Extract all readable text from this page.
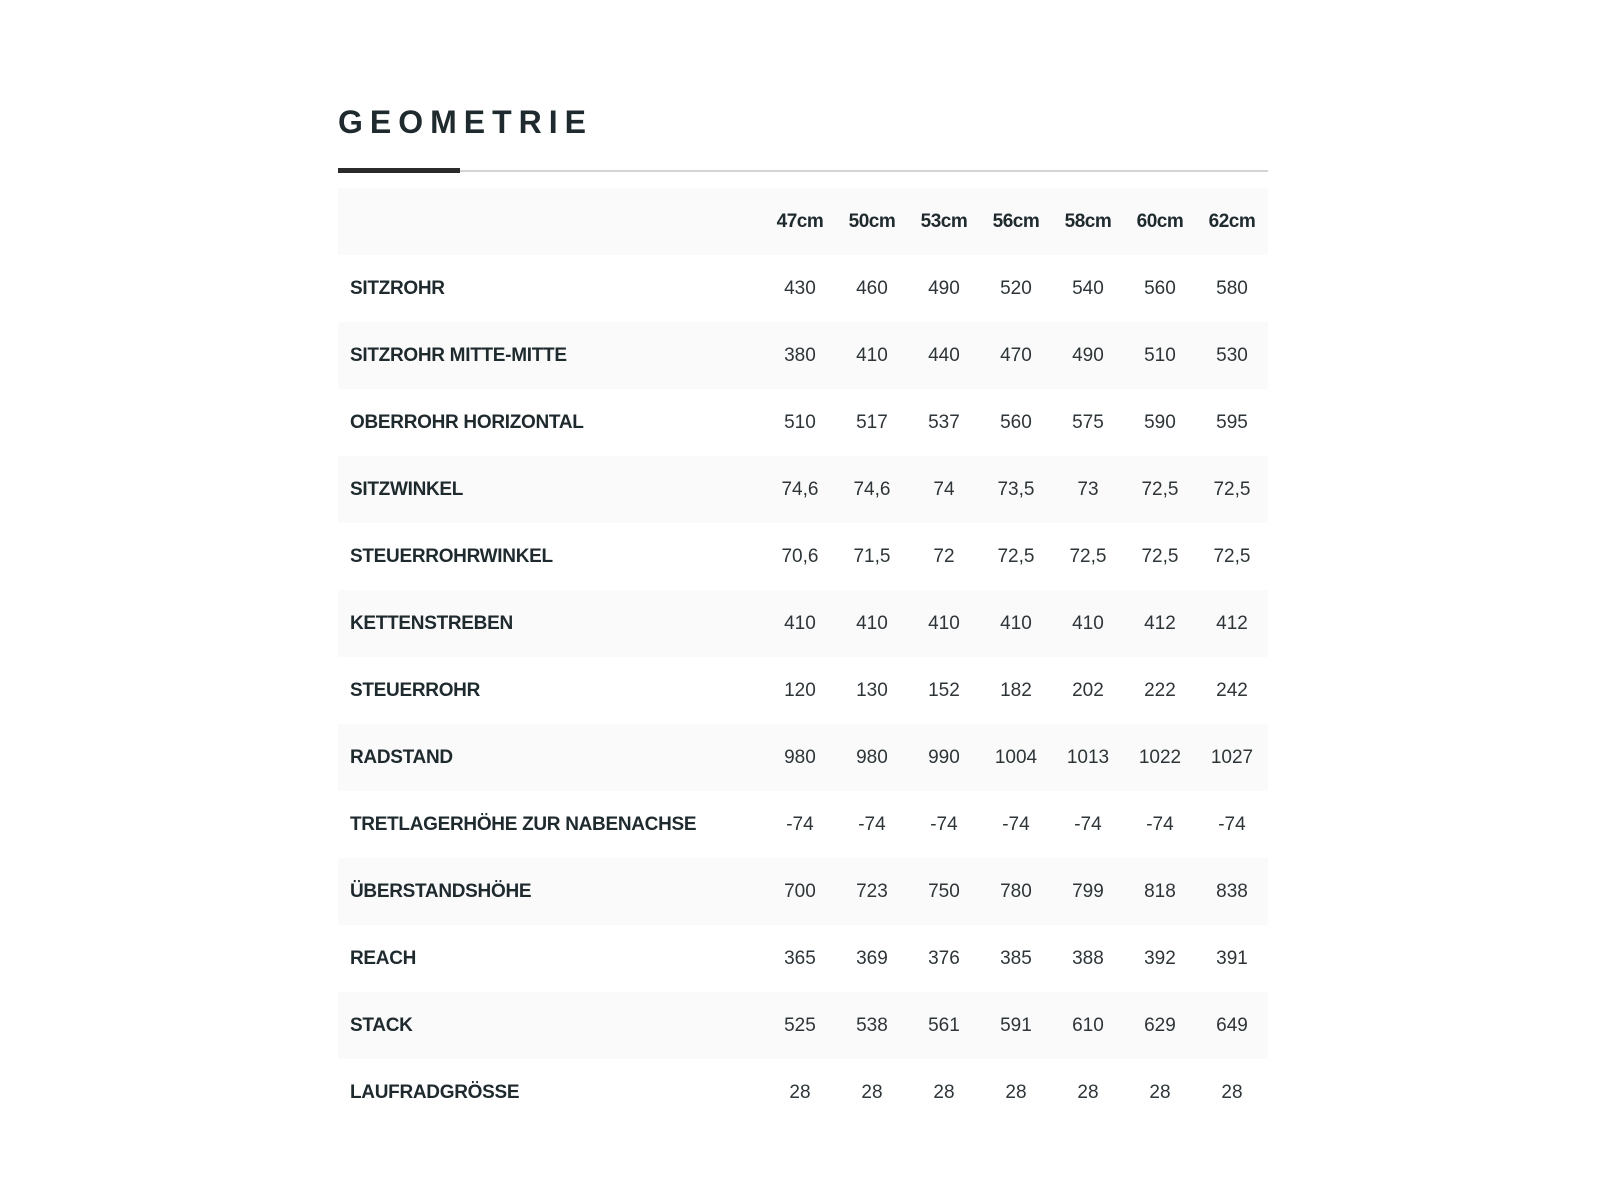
GEOMETRIE
	47cm	50cm	53cm	56cm	58cm	60cm	62cm
SITZROHR	430	460	490	520	540	560	580
SITZROHR MITTE-MITTE	380	410	440	470	490	510	530
OBERROHR HORIZONTAL	510	517	537	560	575	590	595
SITZWINKEL	74,6	74,6	74	73,5	73	72,5	72,5
STEUERROHRWINKEL	70,6	71,5	72	72,5	72,5	72,5	72,5
KETTENSTREBEN	410	410	410	410	410	412	412
STEUERROHR	120	130	152	182	202	222	242
RADSTAND	980	980	990	1004	1013	1022	1027
TRETLAGERHÖHE ZUR NABENACHSE	-74	-74	-74	-74	-74	-74	-74
ÜBERSTANDSHÖHE	700	723	750	780	799	818	838
REACH	365	369	376	385	388	392	391
STACK	525	538	561	591	610	629	649
LAUFRADGRÖSSE	28	28	28	28	28	28	28
